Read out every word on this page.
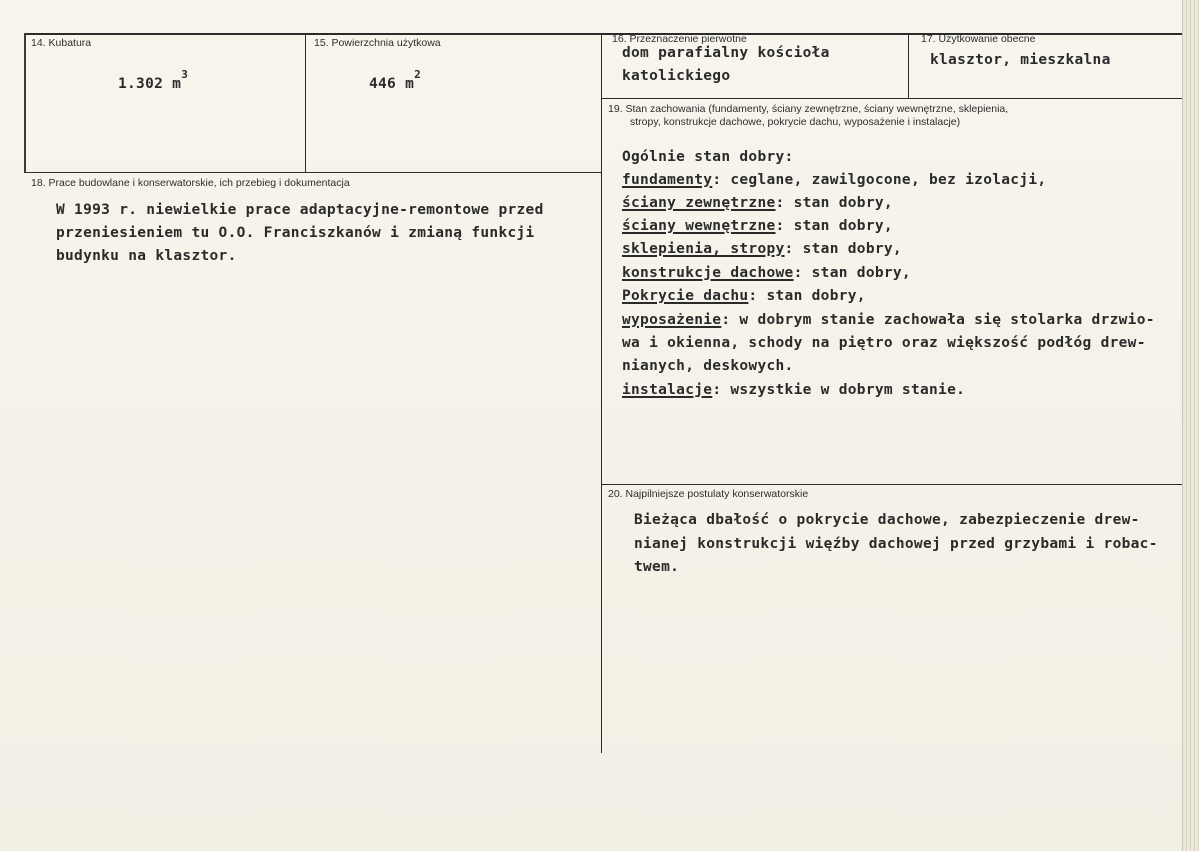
14. Kubatura
1.302 $m^3$
15. Powierzchnia użytkowa
446 $m^2$
16. Przeznaczenie pierwotne
dom parafialny kościoła
katolickiego
17. Użytkowanie obecne
klasztor, mieszkalna
18. Prace budowlane i konserwatorskie, ich przebieg i dokumentacja
W 1993 r. niewielkie prace adaptacyjne-remontowe przed
przeniesieniem tu O.O. Franciszkanów i zmianą funkcji
budynku na klasztor.
19. Stan zachowania (fundamenty, ściany zewnętrzne, ściany wewnętrzne, sklepienia,
stropy, konstrukcje dachowe, pokrycie dachu, wyposażenie i instalacje)
Ogólnie stan dobry:
fundamenty: ceglane, zawilgocone, bez izolacji,
ściany zewnętrzne: stan dobry,
ściany wewnętrzne: stan dobry,
sklepienia, stropy: stan dobry,
konstrukcje dachowe: stan dobry,
Pokrycie dachu: stan dobry,
wyposażenie: w dobrym stanie zachowała się stolarka drzwio-
wa i okienna, schody na piętro oraz większość podłóg drew-
nianych, deskowych.
instalacje: wszystkie w dobrym stanie.
20. Najpilniejsze postulaty konserwatorskie
Bieżąca dbałość o pokrycie dachowe, zabezpieczenie drew-
nianej konstrukcji więźby dachowej przed grzybami i robac-
twem.
